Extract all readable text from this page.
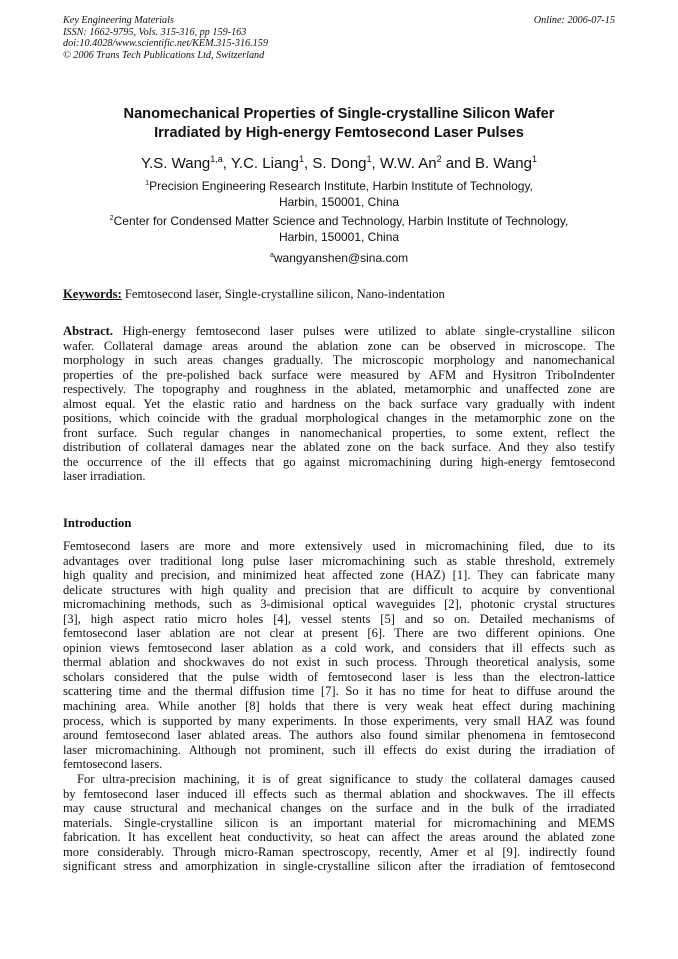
Key Engineering Materials
ISSN: 1662-9795, Vols. 315-316, pp 159-163
doi:10.4028/www.scientific.net/KEM.315-316.159
© 2006 Trans Tech Publications Ltd, Switzerland
Online: 2006-07-15
Nanomechanical Properties of Single-crystalline Silicon Wafer
Irradiated by High-energy Femtosecond Laser Pulses
Y.S. Wang$^{1,a}$, Y.C. Liang$^1$, S. Dong$^1$, W.W. An$^2$ and B. Wang$^1$
$^1$Precision Engineering Research Institute, Harbin Institute of Technology,
Harbin, 150001, China
$^2$Center for Condensed Matter Science and Technology, Harbin Institute of Technology,
Harbin, 150001, China
$^a$wangyanshen@sina.com
Keywords: Femtosecond laser, Single-crystalline silicon, Nano-indentation
Abstract. High-energy femtosecond laser pulses were utilized to ablate single-crystalline silicon
wafer. Collateral damage areas around the ablation zone can be observed in microscope. The
morphology in such areas changes gradually. The microscopic morphology and nanomechanical
properties of the pre-polished back surface were measured by AFM and Hysitron TriboIndenter
respectively. The topography and roughness in the ablated, metamorphic and unaffected zone are
almost equal. Yet the elastic ratio and hardness on the back surface vary gradually with indent
positions, which coincide with the gradual morphological changes in the metamorphic zone on the
front surface. Such regular changes in nanomechanical properties, to some extent, reflect the
distribution of collateral damages near the ablated zone on the back surface. And they also testify
the occurrence of the ill effects that go against micromachining during high-energy femtosecond
laser irradiation.
Introduction
Femtosecond lasers are more and more extensively used in micromachining filed, due to its
advantages over traditional long pulse laser micromachining such as stable threshold, extremely
high quality and precision, and minimized heat affected zone (HAZ) [1]. They can fabricate many
delicate structures with high quality and precision that are difficult to acquire by conventional
micromachining methods, such as 3-dimisional optical waveguides [2], photonic crystal structures
[3], high aspect ratio micro holes [4], vessel stents [5] and so on. Detailed mechanisms of
femtosecond laser ablation are not clear at present [6]. There are two different opinions. One
opinion views femtosecond laser ablation as a cold work, and considers that ill effects such as
thermal ablation and shockwaves do not exist in such process. Through theoretical analysis, some
scholars considered that the pulse width of femtosecond laser is less than the electron-lattice
scattering time and the thermal diffusion time [7]. So it has no time for heat to diffuse around the
machining area. While another [8] holds that there is very weak heat effect during machining
process, which is supported by many experiments. In those experiments, very small HAZ was found
around femtosecond laser ablated areas. The authors also found similar phenomena in femtosecond
laser micromachining. Although not prominent, such ill effects do exist during the irradiation of
femtosecond lasers.
For ultra-precision machining, it is of great significance to study the collateral damages caused
by femtosecond laser induced ill effects such as thermal ablation and shockwaves. The ill effects
may cause structural and mechanical changes on the surface and in the bulk of the irradiated
materials. Single-crystalline silicon is an important material for micromachining and MEMS
fabrication. It has excellent heat conductivity, so heat can affect the areas around the ablated zone
more considerably. Through micro-Raman spectroscopy, recently, Amer et al [9]. indirectly found
significant stress and amorphization in single-crystalline silicon after the irradiation of femtosecond
